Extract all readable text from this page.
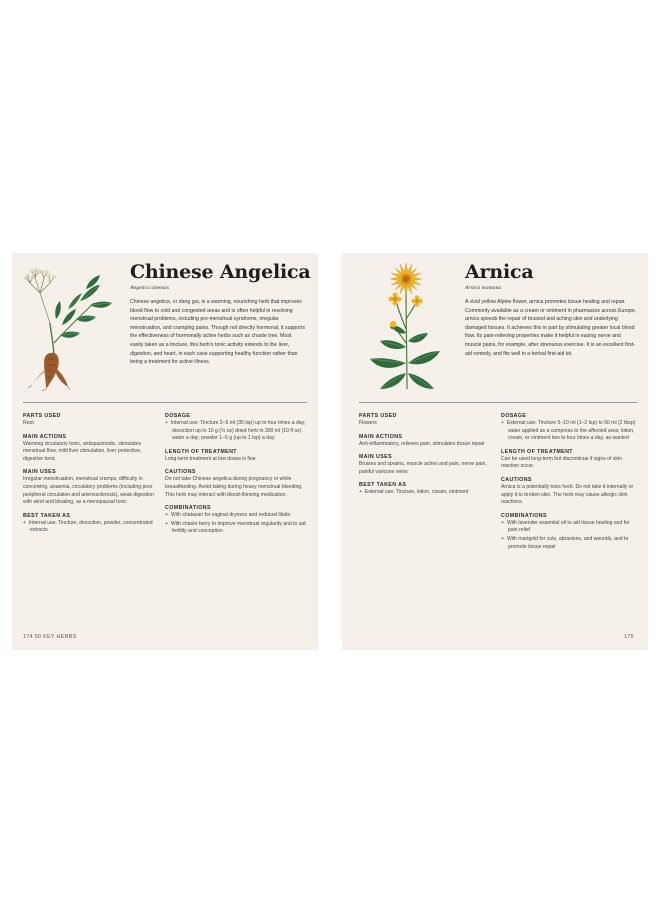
Chinese Angelica
Angelica sinensis
Chinese angelica, or dang gui, is a warming, nourishing herb that improves blood flow to cold and congested areas and is often helpful in resolving menstrual problems, including pre-menstrual syndrome, irregular menstruation, and cramping pains. Though not directly hormonal, it supports the effectiveness of hormonally active herbs such as chaste tree. Most easily taken as a tincture, this herb's tonic activity extends to the liver, digestion, and heart, in each case supporting healthy function rather than being a treatment for active illness.

PARTS USED

Root

MAIN ACTIONS

Warming circulatory tonic, antispasmodic, stimulates menstrual flow, mild liver stimulation, liver protective, digestive tonic

MAIN USES

Irregular menstruation, menstrual cramps, difficulty in conceiving, anaemia, circulatory problems (including poor peripheral circulation and arteriosclerosis), weak digestion with wind and bloating, as a menopausal tonic

BEST TAKEN AS

+  Internal use: Tincture, decoction, powder, concentrated extracts

DOSAGE

+  Internal use: Tincture 2–5 ml (35 tsp) up to four times a day; decoction up to 10 g (⅓ oz) dried herb in 300 ml (10 fl oz) water a day; powder 1–5 g (up to 1 tsp) a day

LENGTH OF TREATMENT

Long-term treatment at low doses is fine

CAUTIONS

Do not take Chinese angelica during pregnancy or while breastfeeding. Avoid taking during heavy menstrual bleeding. This herb may interact with blood-thinning medication.

COMBINATIONS

+  With shatavari for vaginal dryness and reduced libido

+  With chaste berry to improve menstrual regularity and to aid fertility and conception

174 50 KEY HERBS
Arnica
Arnica montana
A vivid yellow Alpine flower, arnica promotes tissue healing and repair. Commonly available as a cream or ointment in pharmacies across Europe, arnica speeds the repair of bruised and aching skin and underlying damaged tissues. It achieves this in part by stimulating greater local blood flow. Its pain-relieving properties make it helpful in easing nerve and muscle pains, for example, after strenuous exercise. It is an excellent first-aid remedy, and fits well in a herbal first-aid kit.

PARTS USED

Flowers

MAIN ACTIONS

Anti-inflammatory, relieves pain, stimulates tissue repair

MAIN USES

Bruises and sprains, muscle aches and pain, nerve pain, painful varicose veins

BEST TAKEN AS

+  External use: Tincture, lotion, cream, ointment

DOSAGE

+  External use: Tincture 5–10 ml (1–2 tsp) to 50 ml (2 tbsp) water applied as a compress to the affected area; lotion, cream, or ointment two to four times a day, as wanted

LENGTH OF TREATMENT

Can be used long-term but discontinue if signs of skin reaction occur.

CAUTIONS

Arnica is a potentially toxic herb. Do not take it internally or apply it to broken skin. The herb may cause allergic skin reactions.

COMBINATIONS

+  With lavender essential oil to aid tissue healing and for pain relief

+  With marigold for cuts, abrasions, and wounds, and to promote tissue repair

175
